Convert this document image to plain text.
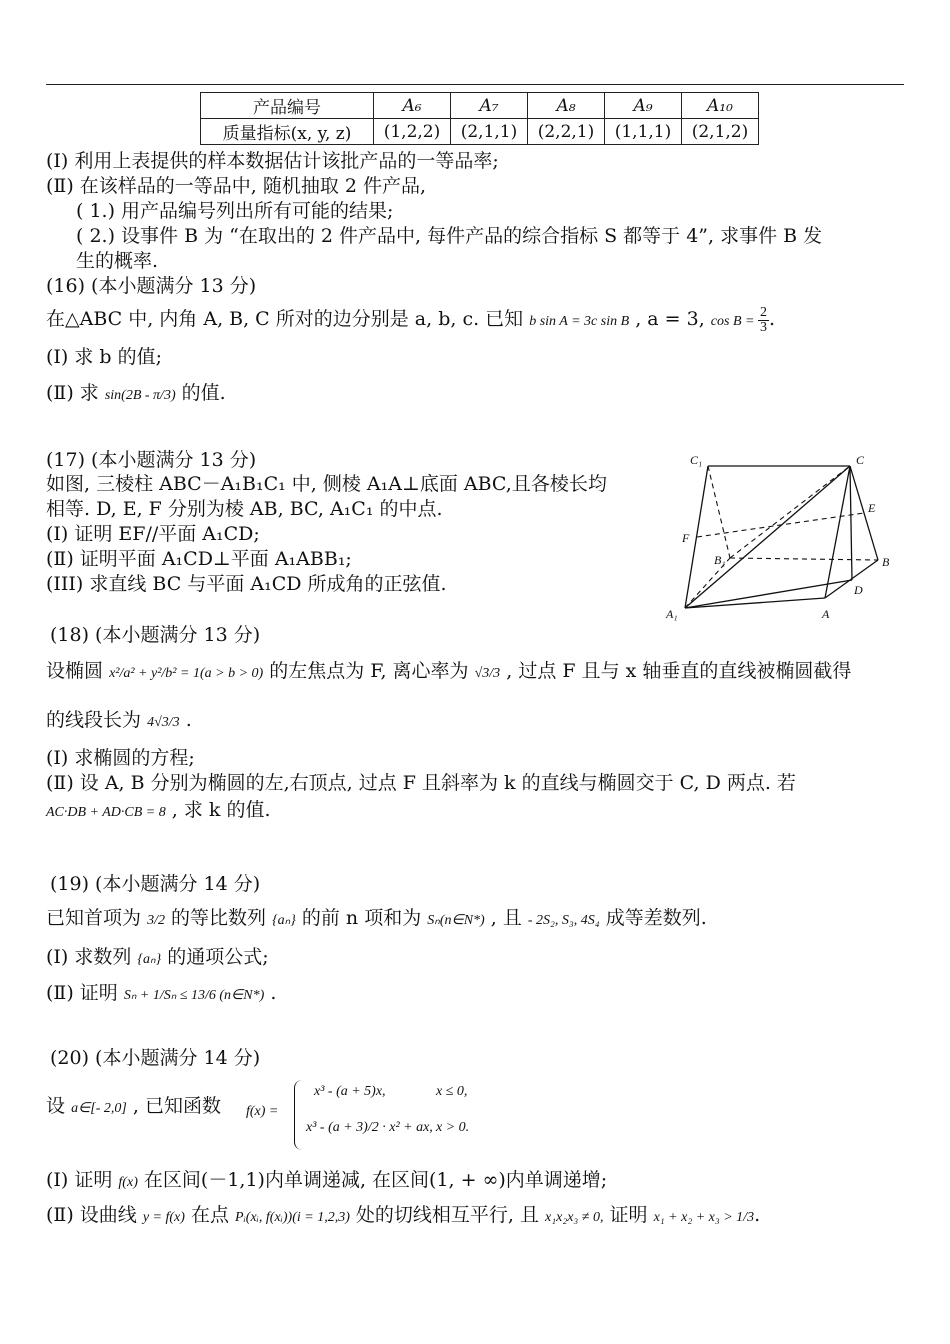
产品编号	A₆	A₇	A₈	A₉	A₁₀
质量指标(x, y, z)	(1,2,2)	(2,1,1)	(2,2,1)	(1,1,1)	(2,1,2)
(Ⅰ) 利用上表提供的样本数据估计该批产品的一等品率;
(Ⅱ) 在该样品的一等品中, 随机抽取 2 件产品,
( 1.) 用产品编号列出所有可能的结果;
( 2.) 设事件 B 为 “在取出的 2 件产品中, 每件产品的综合指标 S 都等于 4”, 求事件 B 发
生的概率.
(16) (本小题满分 13 分)
在△ABC 中, 内角 A, B, C 所对的边分别是 a, b, c. 已知 b sin A = 3c sin B , a = 3, $\cos B = \frac{2}{3}$ .
(Ⅰ) 求 b 的值;
(Ⅱ) 求 sin(2B - π/3) 的值.
(17) (本小题满分 13 分)
如图, 三棱柱 ABC－A₁B₁C₁ 中, 侧棱 A₁A⊥底面 ABC,且各棱长均
相等. D, E, F 分别为棱 AB, BC, A₁C₁ 的中点.
(Ⅰ) 证明 EF//平面 A₁CD;
(Ⅱ) 证明平面 A₁CD⊥平面 A₁ABB₁;
(III) 求直线 BC 与平面 A₁CD 所成角的正弦值.
C₁	C
E
F
B₁	B
D
A₁	A
(18) (本小题满分 13 分)
设椭圆 x²/a² + y²/b² = 1(a > b > 0) 的左焦点为 F, 离心率为 √3/3 , 过点 F 且与 x 轴垂直的直线被椭圆截得
的线段长为 4√3/3 .
(Ⅰ) 求椭圆的方程;
(Ⅱ) 设 A, B 分别为椭圆的左,右顶点, 过点 F 且斜率为 k 的直线与椭圆交于 C, D 两点. 若
AC·DB + AD·CB = 8 , 求 k 的值.
(19) (本小题满分 14 分)
已知首项为 3/2 的等比数列 {aₙ} 的前 n 项和为 Sₙ(n∈N*) , 且 - 2S₂, S₃, 4S₄ 成等差数列.
(Ⅰ) 求数列 {aₙ} 的通项公式;
(Ⅱ) 证明 Sₙ + 1/Sₙ ≤ 13/6 (n∈N*) .
(20) (本小题满分 14 分)
设 a∈[- 2,0] , 已知函数 f(x) =
x³ - (a + 5)x,	x ≤ 0,
x³ - (a + 3)/2 · x² + ax, x > 0.
(Ⅰ) 证明 f(x) 在区间(－1,1)内单调递减, 在区间(1, + ∞)内单调递增;
(Ⅱ) 设曲线 y = f(x) 在点 Pᵢ(xᵢ, f(xᵢ))(i = 1,2,3) 处的切线相互平行, 且 x₁x₂x₃ ≠ 0, 证明 x₁ + x₂ + x₃ > 1/3.
